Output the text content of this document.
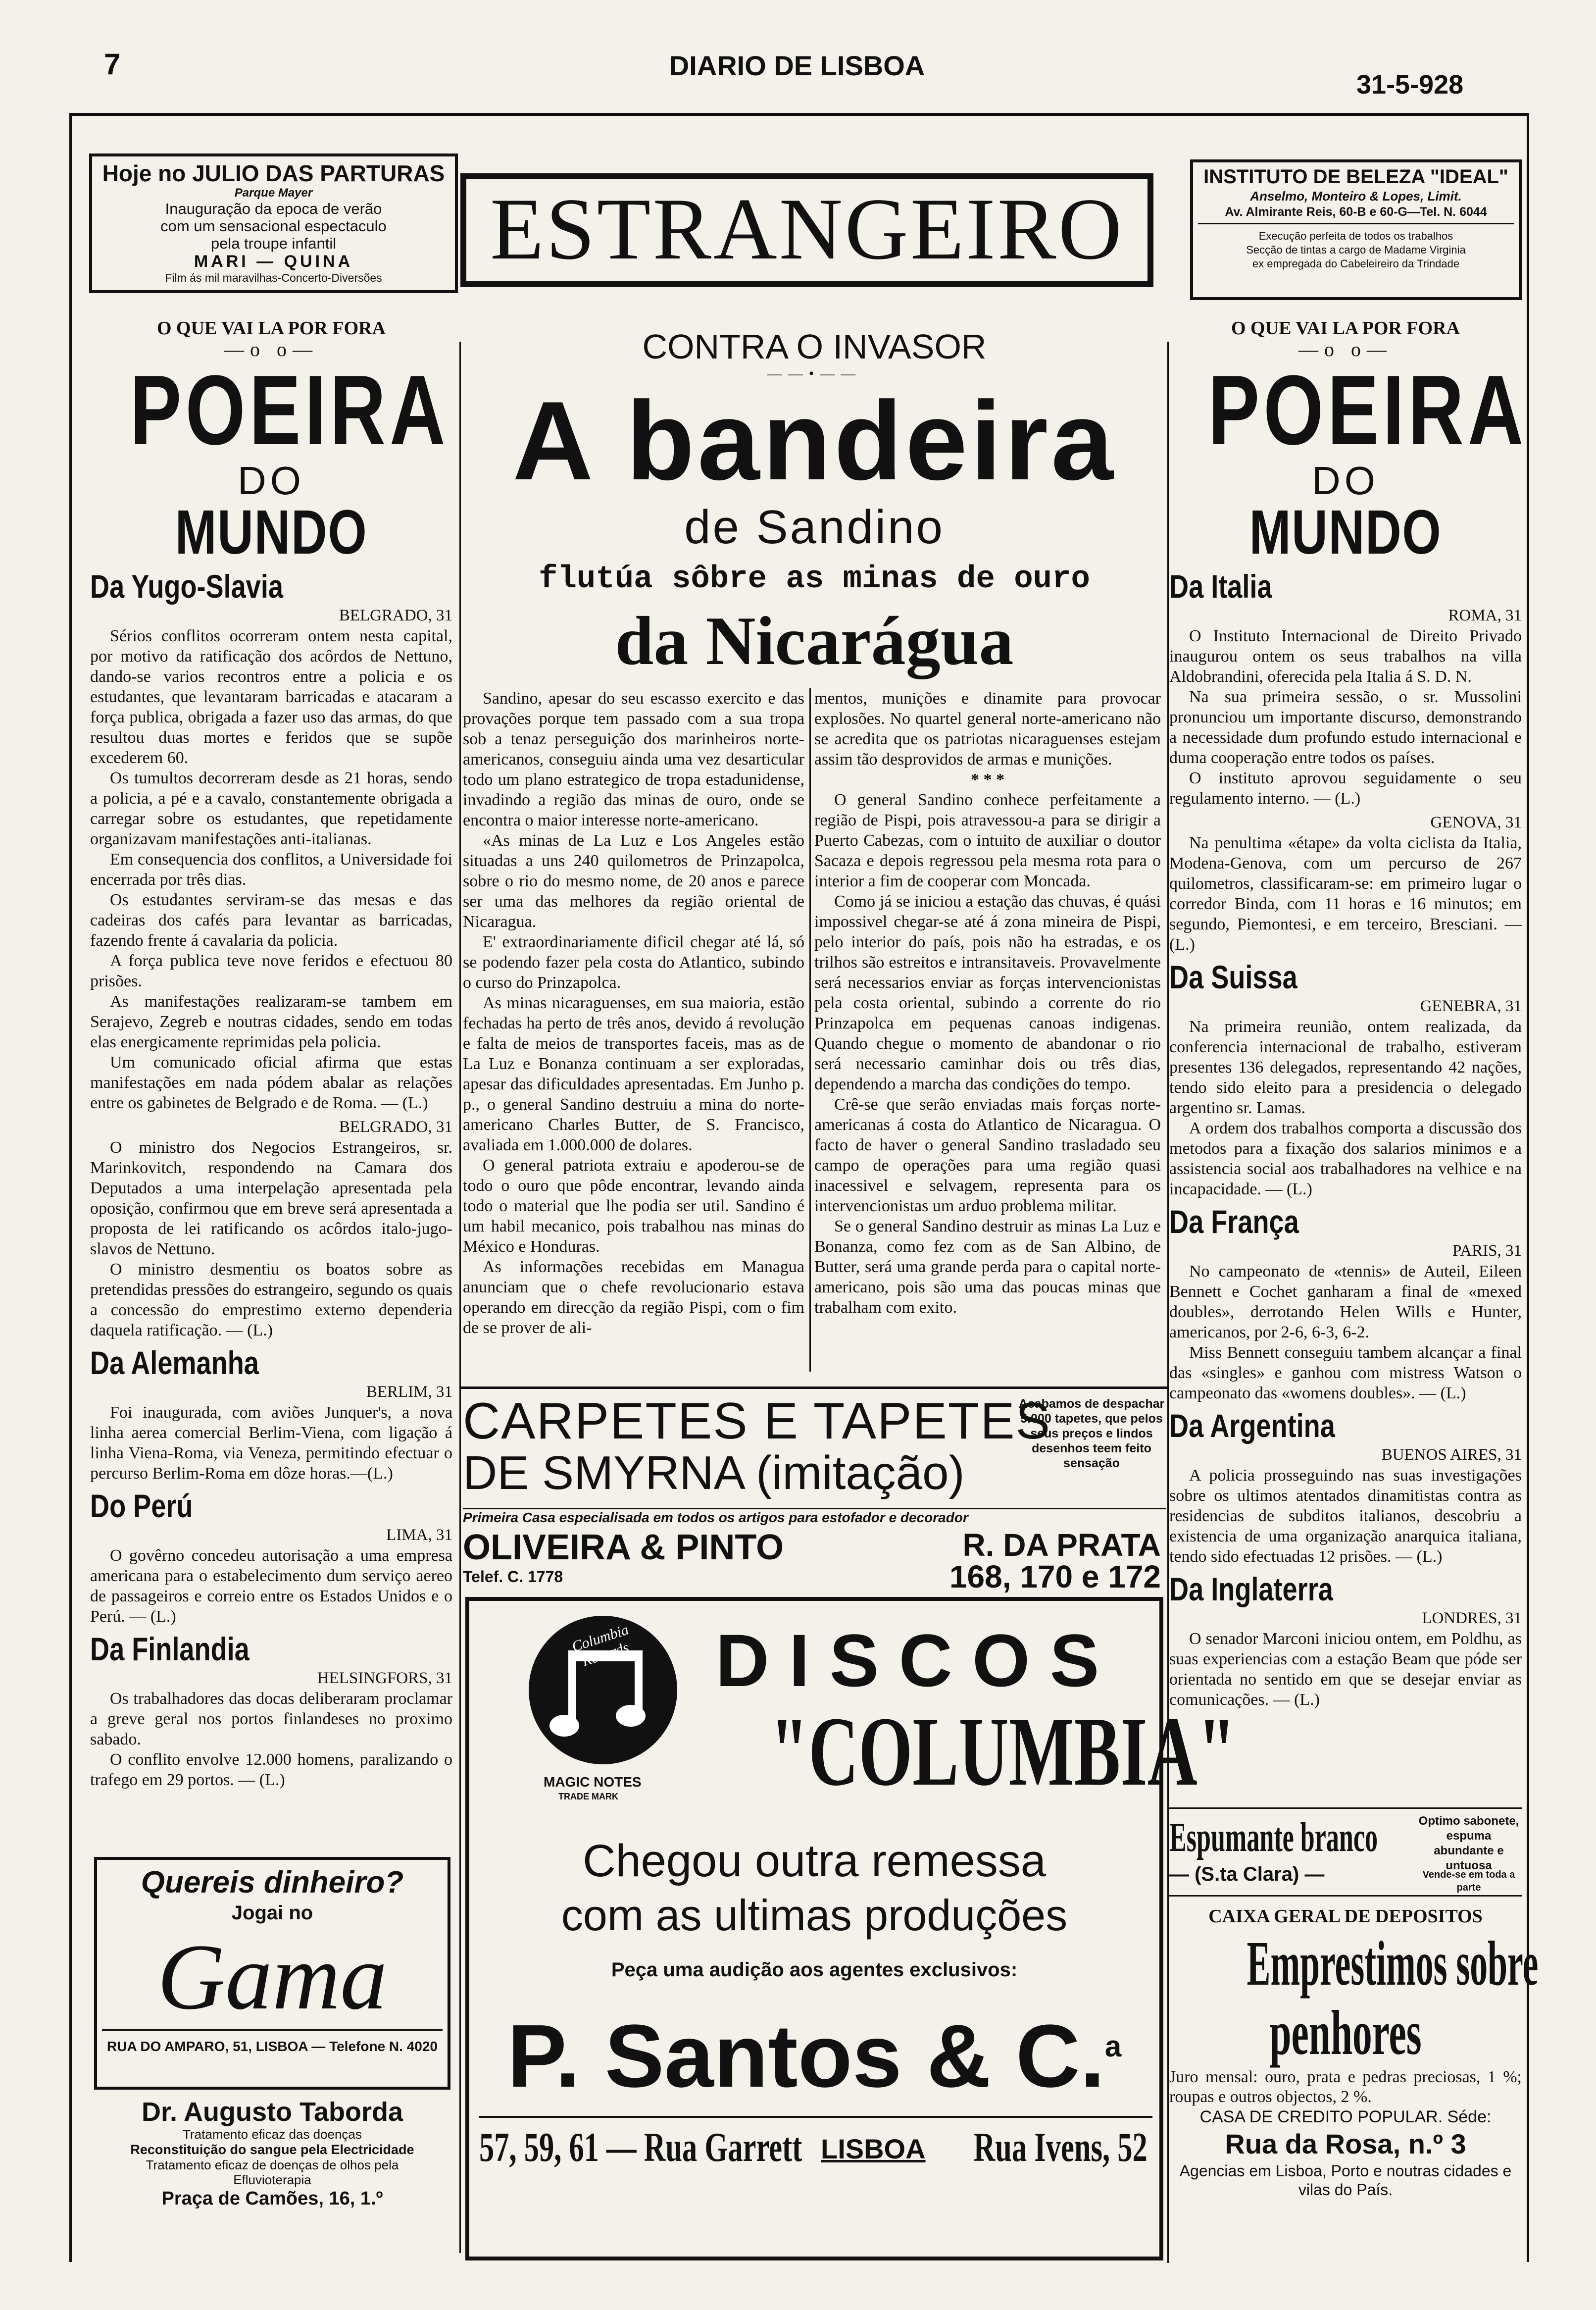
7	DIARIO DE LISBOA
31-5-928
Hoje no JULIO DAS PARTURAS
Parque Mayer
Inauguração da epoca de verão
com um sensacional espectaculo
pela troupe infantil
MARI — QUINA
Film ás mil maravilhas-Concerto-Diversões	ESTRANGEIRO
INSTITUTO DE BELEZA "IDEAL"
Anselmo, Monteiro & Lopes, Limit.
Av. Almirante Reis, 60-B e 60-G—Tel. N. 6044
Execução perfeita de todos os trabalhos
Secção de tintas a cargo de Madame Virginia
ex empregada do Cabeleireiro da Trindade
O QUE VAI LA POR FORA
—o o—
POEIRA
DO
MUNDO
Da Yugo-Slavia
BELGRADO, 31

Sérios conflitos ocorreram ontem nesta capital, por motivo da ratificação dos acôrdos de Nettuno, dando-se varios recontros entre a policia e os estudantes, que levantaram barricadas e atacaram a força publica, obrigada a fazer uso das armas, do que resultou duas mortes e feridos que se supõe excederem 60.

Os tumultos decorreram desde as 21 horas, sendo a policia, a pé e a cavalo, constantemente obrigada a carregar sobre os estudantes, que repetidamente organizavam manifestações anti-italianas.

Em consequencia dos conflitos, a Universidade foi encerrada por três dias.

Os estudantes serviram-se das mesas e das cadeiras dos cafés para levantar as barricadas, fazendo frente á cavalaria da policia.

A força publica teve nove feridos e efectuou 80 prisões.

As manifestações realizaram-se tambem em Serajevo, Zegreb e noutras cidades, sendo em todas elas energicamente reprimidas pela policia.

Um comunicado oficial afirma que estas manifestações em nada pódem abalar as relações entre os gabinetes de Belgrado e de Roma. — (L.)

BELGRADO, 31

O ministro dos Negocios Estrangeiros, sr. Marinkovitch, respondendo na Camara dos Deputados a uma interpelação apresentada pela oposição, confirmou que em breve será apresentada a proposta de lei ratificando os acôrdos italo-jugo-slavos de Nettuno.

O ministro desmentiu os boatos sobre as pretendidas pressões do estrangeiro, segundo os quais a concessão do emprestimo externo dependeria daquela ratificação. — (L.)

Da Alemanha
BERLIM, 31

Foi inaugurada, com aviões Junquer's, a nova linha aerea comercial Berlim-Viena, com ligação á linha Viena-Roma, via Veneza, permitindo efectuar o percurso Berlim-Roma em dôze horas.—(L.)

Do Perú
LIMA, 31

O govêrno concedeu autorisação a uma empresa americana para o estabelecimento dum serviço aereo de passageiros e correio entre os Estados Unidos e o Perú. — (L.)

Da Finlandia
HELSINGFORS, 31

Os trabalhadores das docas deliberaram proclamar a greve geral nos portos finlandeses no proximo sabado.

O conflito envolve 12.000 homens, paralizando o trafego em 29 portos. — (L.)

Quereis dinheiro?
Jogai no
Gama
RUA DO AMPARO, 51, LISBOA — Telefone N. 4020
Dr. Augusto Taborda
Tratamento eficaz das doenças
Reconstituição do sangue pela Electricidade
Tratamento eficaz de doenças de olhos pela
Efluvioterapia
Praça de Camões, 16, 1.º
CONTRA O INVASOR
——•——
A bandeira
de Sandino
flutúa sôbre as minas de ouro
da Nicarágua

Sandino, apesar do seu escasso exercito e das provações porque tem passado com a sua tropa sob a tenaz perseguição dos marinheiros norte-americanos, conseguiu ainda uma vez desarticular todo um plano estrategico de tropa estadunidense, invadindo a região das minas de ouro, onde se encontra o maior interesse norte-americano.

«As minas de La Luz e Los Angeles estão situadas a uns 240 quilometros de Prinzapolca, sobre o rio do mesmo nome, de 20 anos e parece ser uma das melhores da região oriental de Nicaragua.

E' extraordinariamente dificil chegar até lá, só se podendo fazer pela costa do Atlantico, subindo o curso do Prinzapolca.

As minas nicaraguenses, em sua maioria, estão fechadas ha perto de três anos, devido á revolução e falta de meios de transportes faceis, mas as de La Luz e Bonanza continuam a ser exploradas, apesar das dificuldades apresentadas. Em Junho p. p., o general Sandino destruiu a mina do norte-americano Charles Butter, de S. Francisco, avaliada em 1.000.000 de dolares.

O general patriota extraiu e apoderou-se de todo o ouro que pôde encontrar, levando ainda todo o material que lhe podia ser util. Sandino é um habil mecanico, pois trabalhou nas minas do México e Honduras.

As informações recebidas em Managua anunciam que o chefe revolucionario estava operando em direcção da região Pispi, com o fim de se prover de ali-

mentos, munições e dinamite para provocar explosões. No quartel general norte-americano não se acredita que os patriotas nicaraguenses estejam assim tão desprovidos de armas e munições.

* * *

O general Sandino conhece perfeitamente a região de Pispi, pois atravessou-a para se dirigir a Puerto Cabezas, com o intuito de auxiliar o doutor Sacaza e depois regressou pela mesma rota para o interior a fim de cooperar com Moncada.

Como já se iniciou a estação das chuvas, é quási impossivel chegar-se até á zona mineira de Pispi, pelo interior do país, pois não ha estradas, e os trilhos são estreitos e intransitaveis. Provavelmente será necessarios enviar as forças intervencionistas pela costa oriental, subindo a corrente do rio Prinzapolca em pequenas canoas indigenas. Quando chegue o momento de abandonar o rio será necessario caminhar dois ou três dias, dependendo a marcha das condições do tempo.

Crê-se que serão enviadas mais forças norte-americanas á costa do Atlantico de Nicaragua. O facto de haver o general Sandino trasladado seu campo de operações para uma região quasi inacessivel e selvagem, representa para os intervencionistas um arduo problema militar.

Se o general Sandino destruir as minas La Luz e Bonanza, como fez com as de San Albino, de Butter, será uma grande perda para o capital norte-americano, pois são uma das poucas minas que trabalham com exito.

CARPETES E TAPETES
DE SMYRNA (imitação)
Acabamos de despachar 5.000 tapetes, que pelos seus preços e lindos desenhos teem feito sensação
Primeira Casa especialisada em todos os artigos para estofador e decorador
OLIVEIRA & PINTO
Telef. C. 1778
R. DA PRATA
168, 170 e 172
Columbia Records
MAGIC NOTES
TRADE MARK
DISCOS
"COLUMBIA"
Chegou outra remessa
com as ultimas produções
Peça uma audição aos agentes exclusivos:
P. Santos & C.$^a$
57, 59, 61 — Rua Garrett LISBOA Rua Ivens, 52
O QUE VAI LA POR FORA
—o o—
POEIRA
DO
MUNDO
Da Italia
ROMA, 31

O Instituto Internacional de Direito Privado inaugurou ontem os seus trabalhos na villa Aldobrandini, oferecida pela Italia á S. D. N.

Na sua primeira sessão, o sr. Mussolini pronunciou um importante discurso, demonstrando a necessidade dum profundo estudo internacional e duma cooperação entre todos os países.

O instituto aprovou seguidamente o seu regulamento interno. — (L.)

GENOVA, 31

Na penultima «étape» da volta ciclista da Italia, Modena-Genova, com um percurso de 267 quilometros, classificaram-se: em primeiro lugar o corredor Binda, com 11 horas e 16 minutos; em segundo, Piemontesi, e em terceiro, Bresciani. — (L.)

Da Suissa
GENEBRA, 31

Na primeira reunião, ontem realizada, da conferencia internacional de trabalho, estiveram presentes 136 delegados, representando 42 nações, tendo sido eleito para a presidencia o delegado argentino sr. Lamas.

A ordem dos trabalhos comporta a discussão dos metodos para a fixação dos salarios minimos e a assistencia social aos trabalhadores na velhice e na incapacidade. — (L.)

Da França
PARIS, 31

No campeonato de «tennis» de Auteil, Eileen Bennett e Cochet ganharam a final de «mexed doubles», derrotando Helen Wills e Hunter, americanos, por 2-6, 6-3, 6-2.

Miss Bennett conseguiu tambem alcançar a final das «singles» e ganhou com mistress Watson o campeonato das «womens doubles». — (L.)

Da Argentina
BUENOS AIRES, 31

A policia prosseguindo nas suas investigações sobre os ultimos atentados dinamitistas contra as residencias de subditos italianos, descobriu a existencia de uma organização anarquica italiana, tendo sido efectuadas 12 prisões. — (L.)

Da Inglaterra
LONDRES, 31

O senador Marconi iniciou ontem, em Poldhu, as suas experiencias com a estação Beam que póde ser orientada no sentido em que se desejar enviar as comunicações. — (L.)

Espumante branco
— (S.ta Clara) —
Optimo sabonete, espuma abundante e untuosa
Vende-se em toda a parte
CAIXA GERAL DE DEPOSITOS
Emprestimos sobre
penhores
Juro mensal: ouro, prata e pedras preciosas, 1 %; roupas e outros objectos, 2 %.
CASA DE CREDITO POPULAR. Séde:
Rua da Rosa, n.º 3
Agencias em Lisboa, Porto e noutras cidades e vilas do País.
